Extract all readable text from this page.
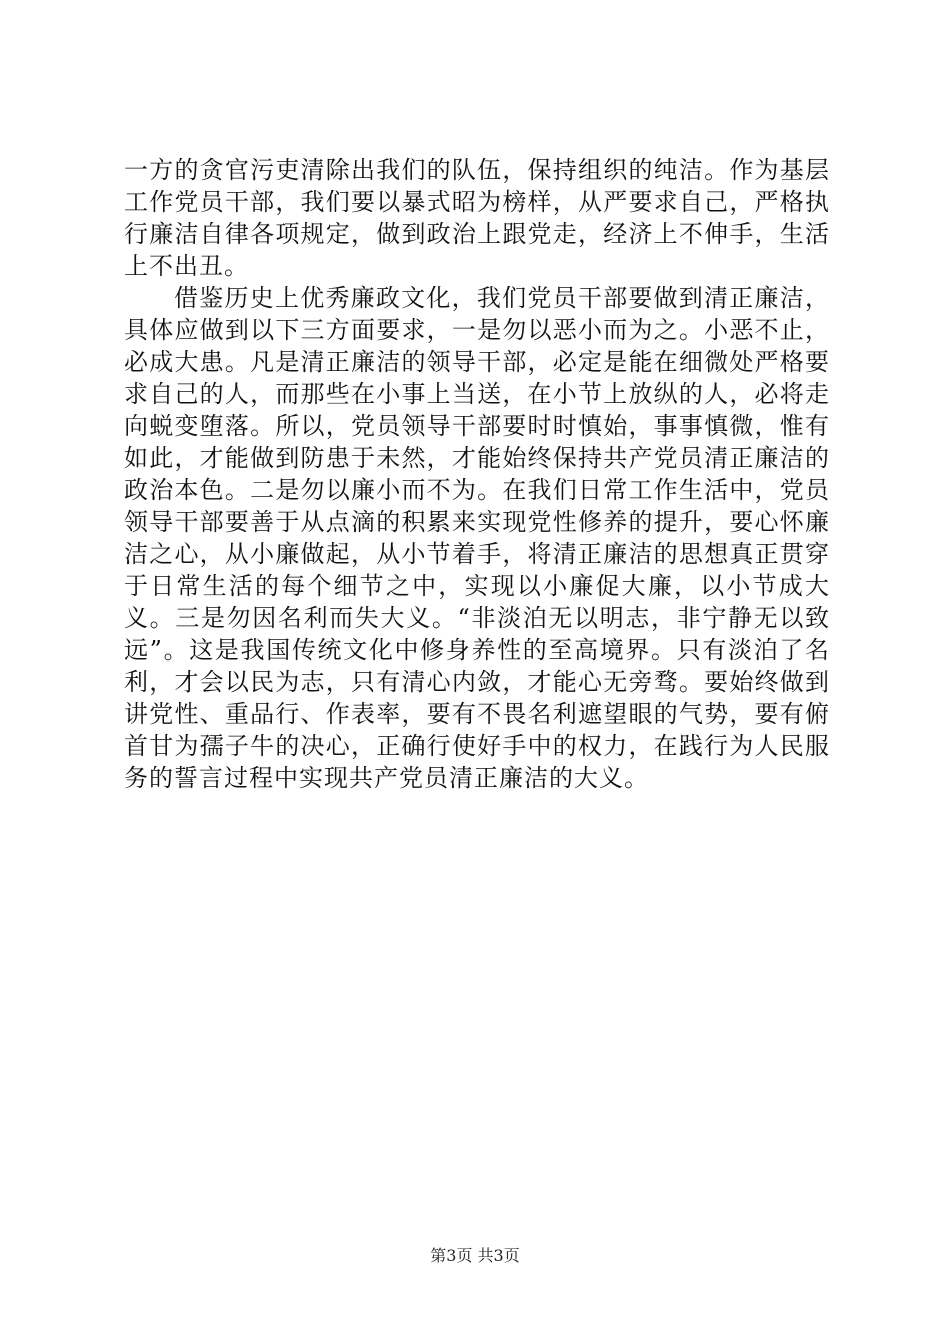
一方的贪官污吏清除出我们的队伍，保持组织的纯洁。作为基层工作党员干部，我们要以暴式昭为榜样，从严要求自己，严格执行廉洁自律各项规定，做到政治上跟党走，经济上不伸手，生活上不出丑。

借鉴历史上优秀廉政文化，我们党员干部要做到清正廉洁，具体应做到以下三方面要求，一是勿以恶小而为之。小恶不止，必成大患。凡是清正廉洁的领导干部，必定是能在细微处严格要求自己的人，而那些在小事上当送，在小节上放纵的人，必将走向蜕变堕落。所以，党员领导干部要时时慎始，事事慎微，惟有如此，才能做到防患于未然，才能始终保持共产党员清正廉洁的政治本色。二是勿以廉小而不为。在我们日常工作生活中，党员领导干部要善于从点滴的积累来实现党性修养的提升，要心怀廉洁之心，从小廉做起，从小节着手，将清正廉洁的思想真正贯穿于日常生活的每个细节之中，实现以小廉促大廉，以小节成大义。三是勿因名利而失大义。“非淡泊无以明志，非宁静无以致远”。这是我国传统文化中修身养性的至高境界。只有淡泊了名利，才会以民为志，只有清心内敛，才能心无旁骛。要始终做到讲党性、重品行、作表率，要有不畏名利遮望眼的气势，要有俯首甘为孺子牛的决心，正确行使好手中的权力，在践行为人民服务的誓言过程中实现共产党员清正廉洁的大义。

第3页 共3页
